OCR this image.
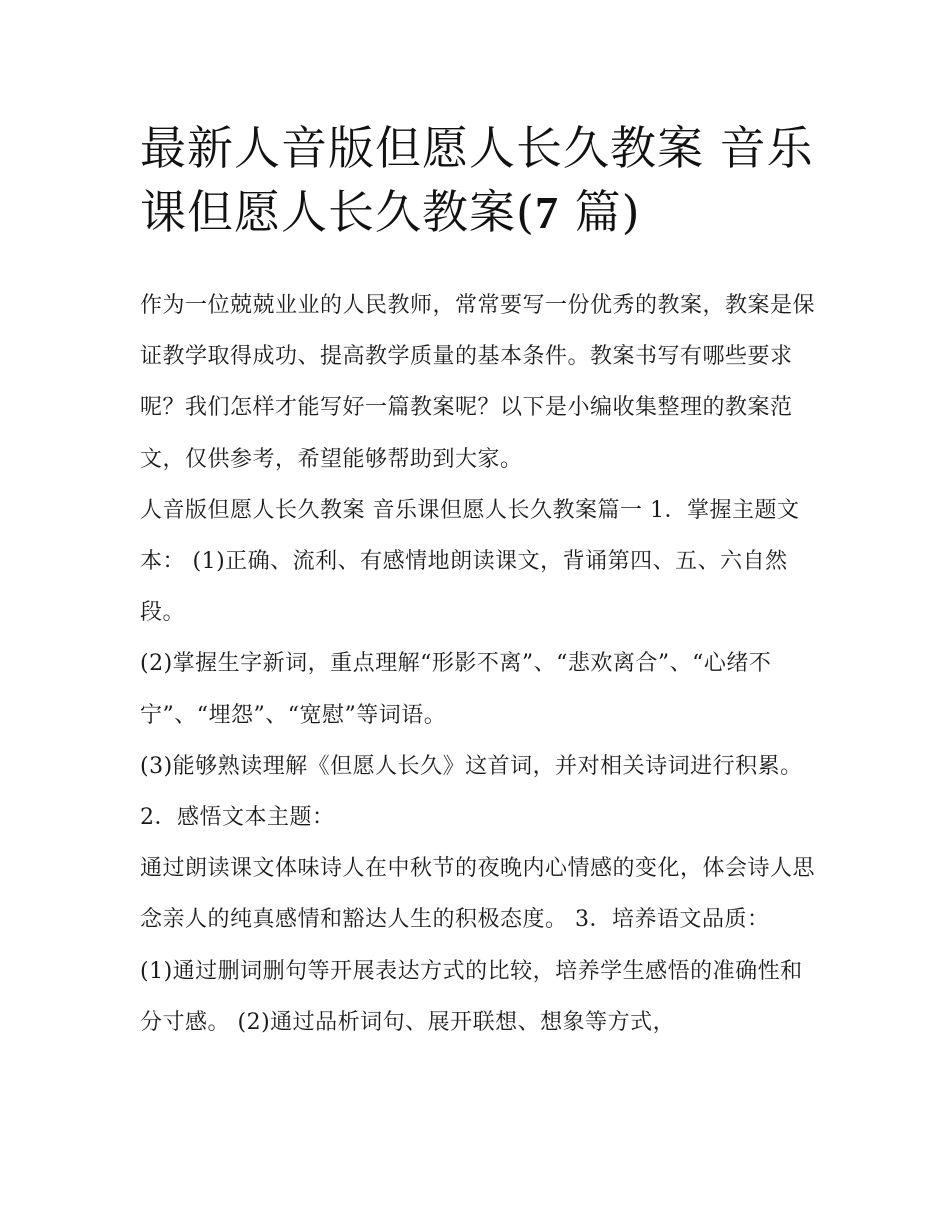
最新人音版但愿人长久教案 音乐课但愿人长久教案(7 篇)

作为一位兢兢业业的人民教师，常常要写一份优秀的教案，教案是保证教学取得成功、提高教学质量的基本条件。教案书写有哪些要求呢？我们怎样才能写好一篇教案呢？以下是小编收集整理的教案范文，仅供参考，希望能够帮助到大家。

人音版但愿人长久教案 音乐课但愿人长久教案篇一 1．掌握主题文本： (1)正确、流利、有感情地朗读课文，背诵第四、五、六自然段。

(2)掌握生字新词，重点理解“形影不离”、“悲欢离合”、“心绪不宁”、“埋怨”、“宽慰”等词语。

(3)能够熟读理解《但愿人长久》这首词，并对相关诗词进行积累。 2．感悟文本主题：

通过朗读课文体味诗人在中秋节的夜晚内心情感的变化，体会诗人思念亲人的纯真感情和豁达人生的积极态度。 3．培养语文品质：

(1)通过删词删句等开展表达方式的比较，培养学生感悟的准确性和分寸感。 (2)通过品析词句、展开联想、想象等方式，
